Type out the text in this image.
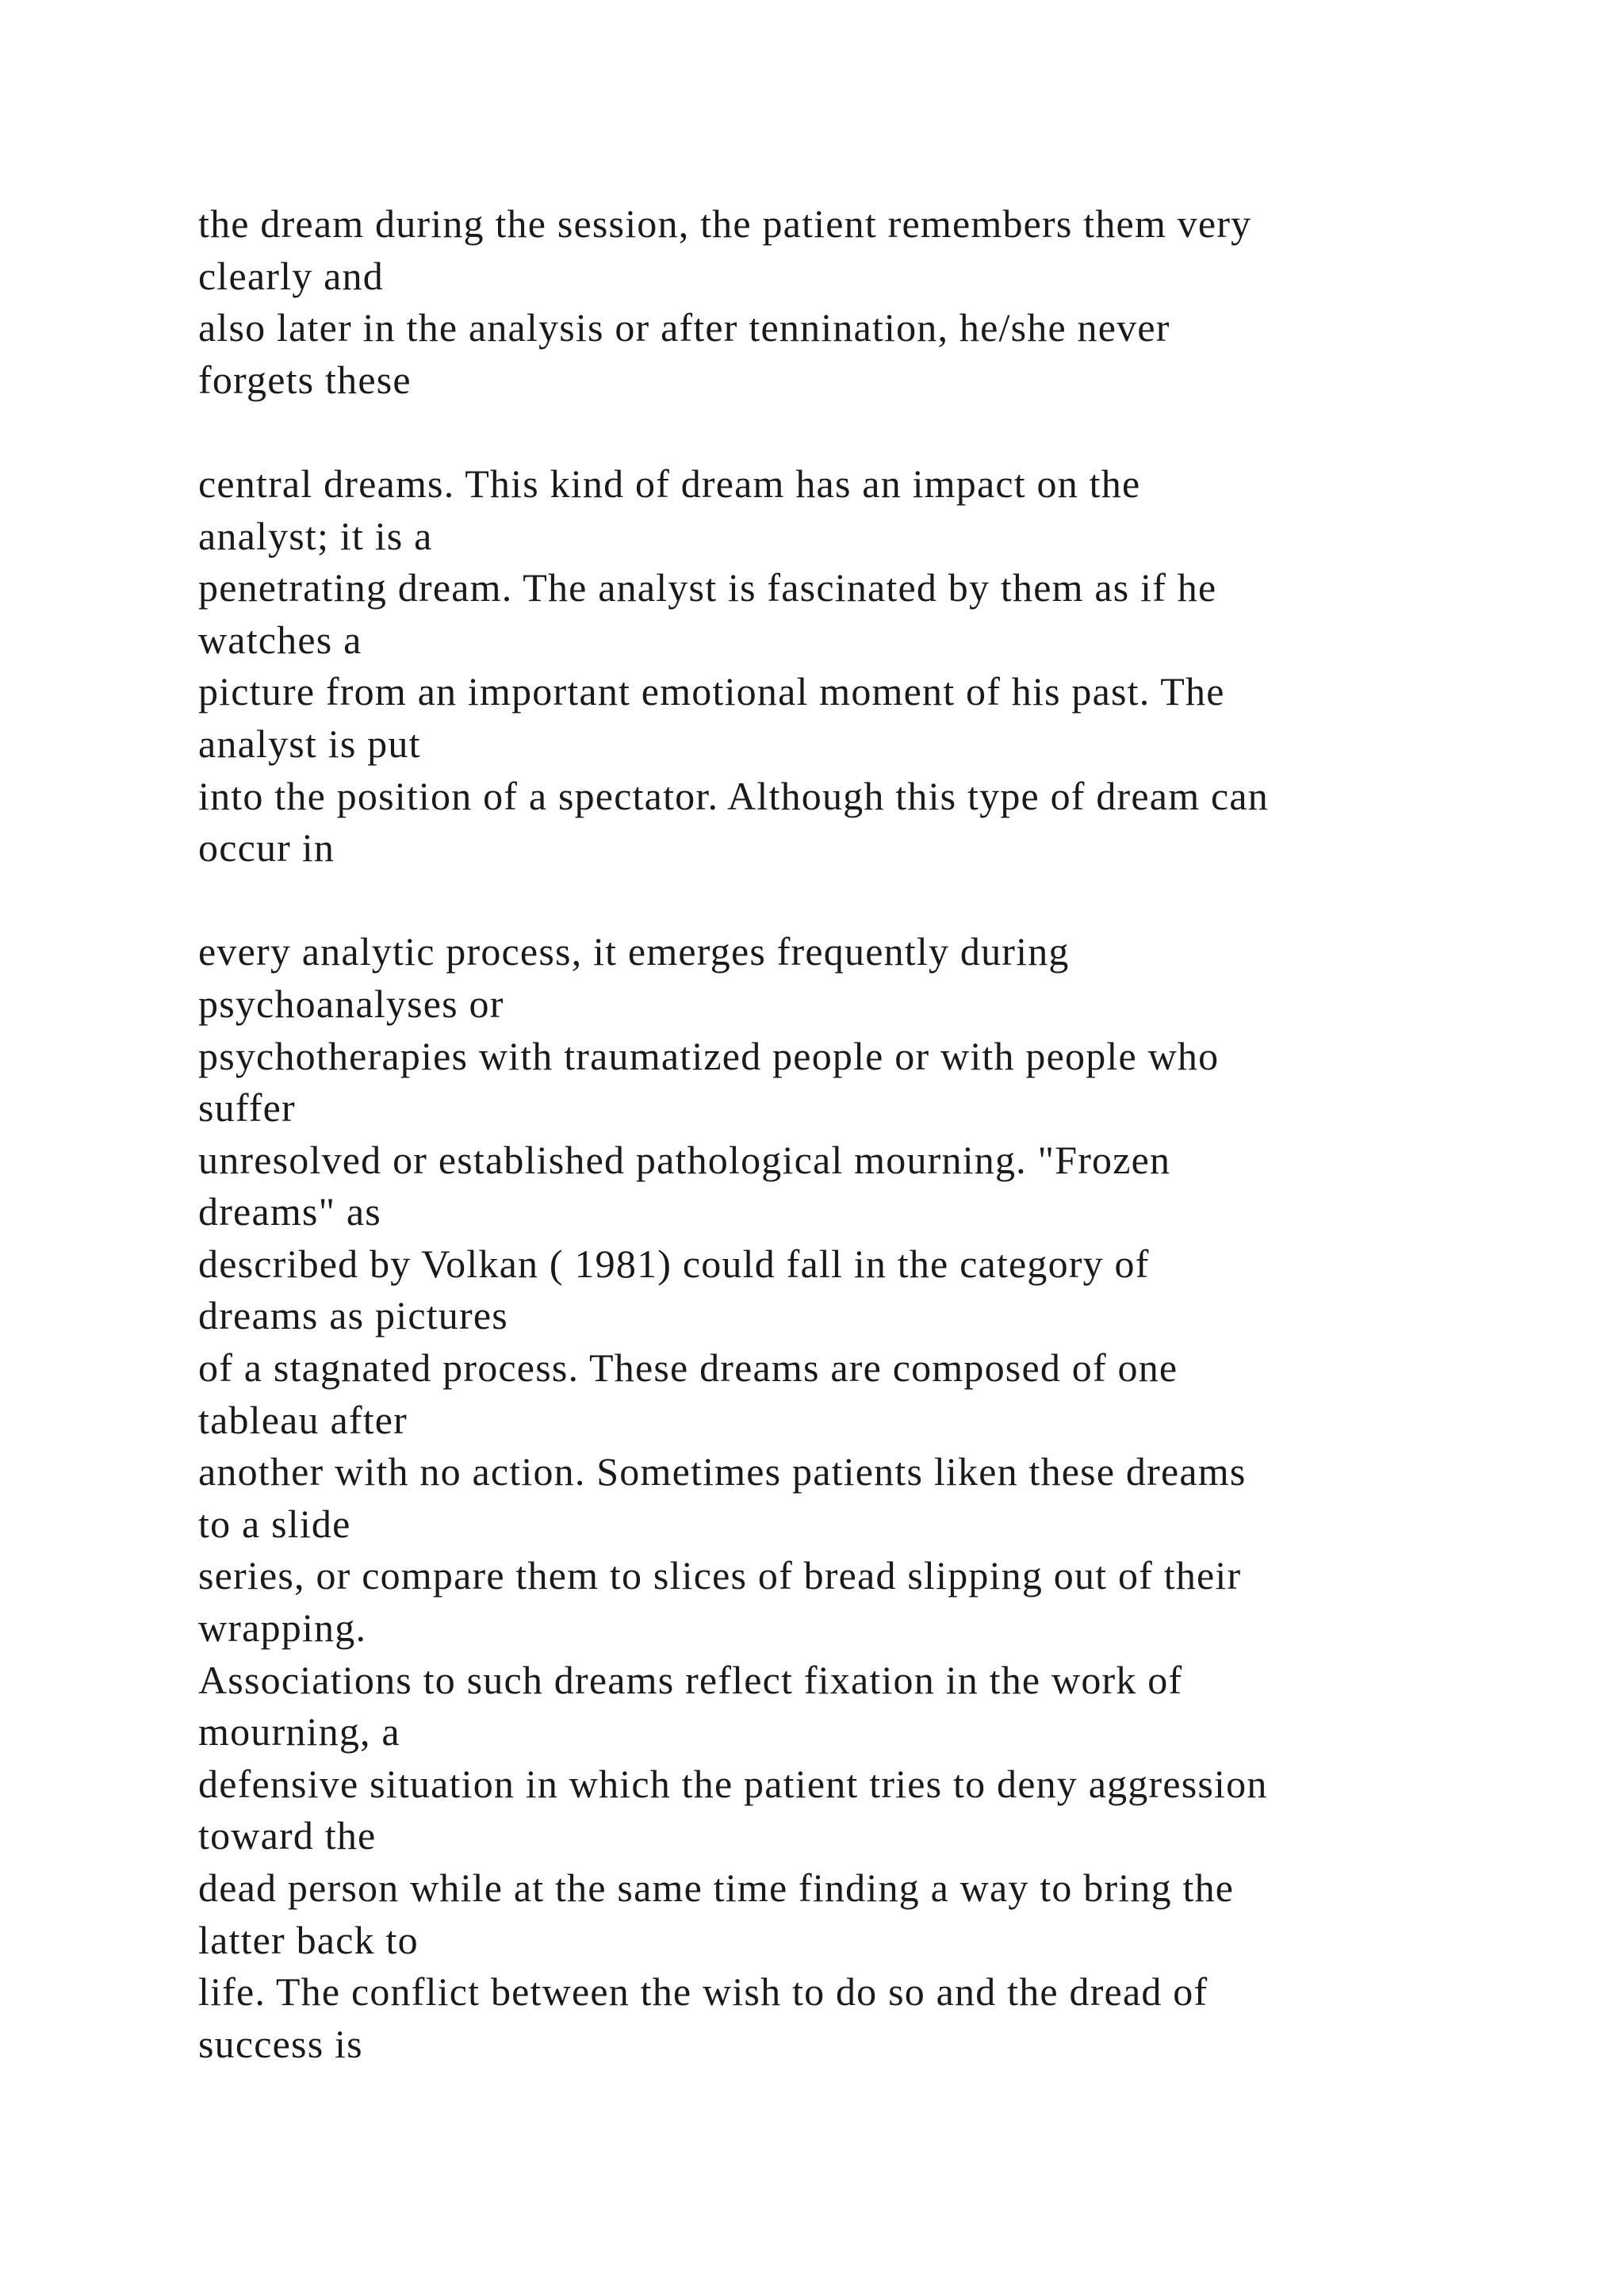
the dream during the session, the patient remembers them very
clearly and
also later in the analysis or after tennination, he/she never
forgets these
central dreams. This kind of dream has an impact on the
analyst; it is a
penetrating dream. The analyst is fascinated by them as if he
watches a
picture from an important emotional moment of his past. The
analyst is put
into the position of a spectator. Although this type of dream can
occur in
every analytic process, it emerges frequently during
psychoanalyses or
psychotherapies with traumatized people or with people who
suffer
unresolved or established pathological mourning. "Frozen
dreams" as
described by Volkan ( 1981) could fall in the category of
dreams as pictures
of a stagnated process. These dreams are composed of one
tableau after
another with no action. Sometimes patients liken these dreams
to a slide
series, or compare them to slices of bread slipping out of their
wrapping.
Associations to such dreams reflect fixation in the work of
mourning, a
defensive situation in which the patient tries to deny aggression
toward the
dead person while at the same time finding a way to bring the
latter back to
life. The conflict between the wish to do so and the dread of
success is
